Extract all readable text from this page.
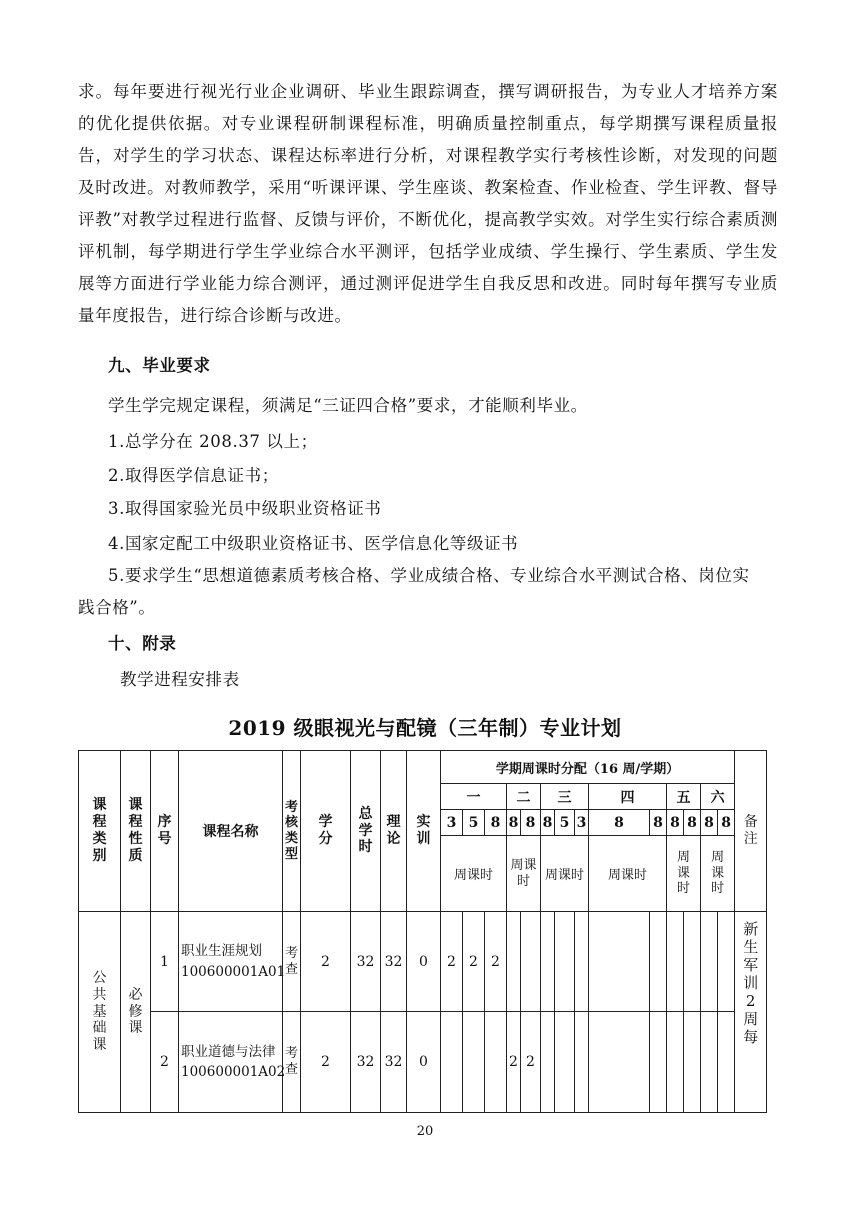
求。每年要进行视光行业企业调研、毕业生跟踪调查，撰写调研报告，为专业人才培养方案的优化提供依据。对专业课程研制课程标准，明确质量控制重点，每学期撰写课程质量报告，对学生的学习状态、课程达标率进行分析，对课程教学实行考核性诊断，对发现的问题及时改进。对教师教学，采用“听课评课、学生座谈、教案检查、作业检查、学生评教、督导评教”对教学过程进行监督、反馈与评价，不断优化，提高教学实效。对学生实行综合素质测评机制，每学期进行学生学业综合水平测评，包括学业成绩、学生操行、学生素质、学生发展等方面进行学业能力综合测评，通过测评促进学生自我反思和改进。同时每年撰写专业质量年度报告，进行综合诊断与改进。

九、毕业要求
学生学完规定课程，须满足“三证四合格”要求，才能顺利毕业。
1.总学分在 208.37 以上；
2.取得医学信息证书；
3.取得国家验光员中级职业资格证书
4.国家定配工中级职业资格证书、医学信息化等级证书
5.要求学生“思想道德素质考核合格、学业成绩合格、专业综合水平测试合格、岗位实
践合格”。
十、附录
教学进程安排表
2019 级眼视光与配镜（三年制）专业计划
课程类别	课程性质	序号	课程名称	考核类型	学分	总学时	理论	实训	学期周课时分配（16 周/学期）														备注
									一			二		三			四		五		六		
									3	5	8	8	8	8	5	3	8	8	8	8	8	8	
									周课时			周课时		周课时			周课时		周课时		周课时		
公共基础课	必修课	1	职业生涯规划 100600001A01	考查	2	32	32	0	2	2	2												新生军训2周 每
		2	职业道德与法律 100600001A02	考查	2	32	32	0				2	2										
20
